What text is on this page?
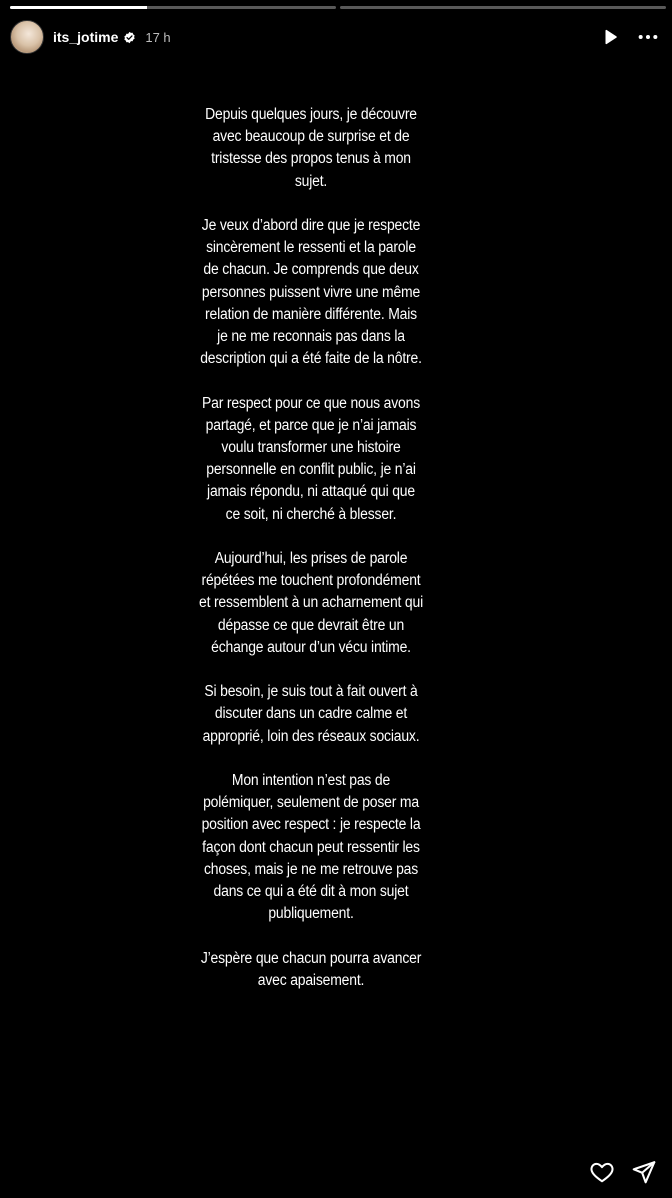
its_jotime 17 h

Depuis quelques jours, je découvre avec beaucoup de surprise et de tristesse des propos tenus à mon sujet.

Je veux d’abord dire que je respecte sincèrement le ressenti et la parole de chacun. Je comprends que deux personnes puissent vivre une même relation de manière différente. Mais je ne me reconnais pas dans la description qui a été faite de la nôtre.

Par respect pour ce que nous avons partagé, et parce que je n’ai jamais voulu transformer une histoire personnelle en conflit public, je n’ai jamais répondu, ni attaqué qui que ce soit, ni cherché à blesser.

Aujourd’hui, les prises de parole répétées me touchent profondément et ressemblent à un acharnement qui dépasse ce que devrait être un échange autour d’un vécu intime.

Si besoin, je suis tout à fait ouvert à discuter dans un cadre calme et approprié, loin des réseaux sociaux.

Mon intention n’est pas de polémiquer, seulement de poser ma position avec respect : je respecte la façon dont chacun peut ressentir les choses, mais je ne me retrouve pas dans ce qui a été dit à mon sujet publiquement.

J’espère que chacun pourra avancer avec apaisement.
